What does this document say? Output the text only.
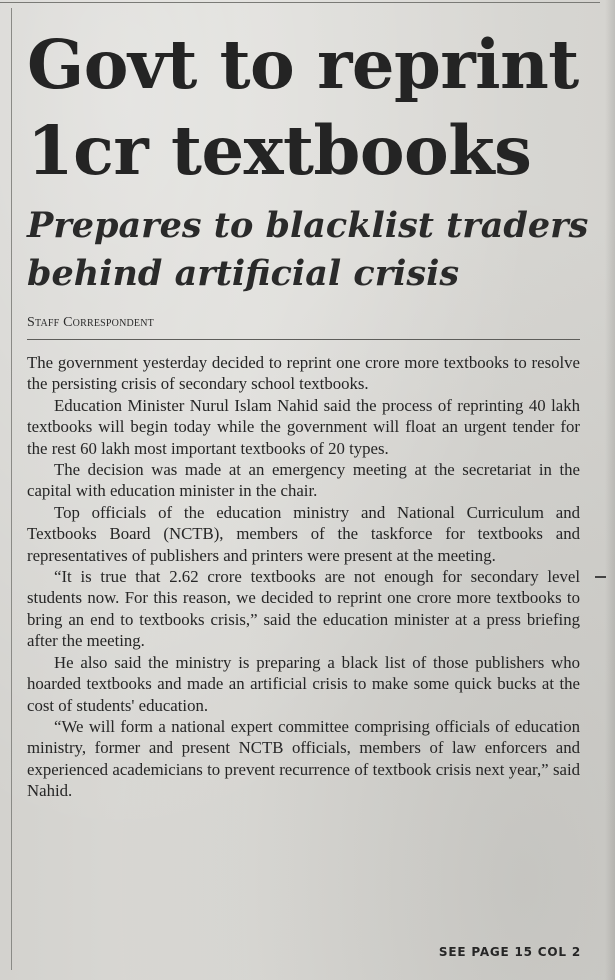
Govt to reprint
1cr textbooks
Prepares to blacklist traders
behind artificial crisis
Staff Correspondent

The government yesterday decided to reprint one crore more textbooks to resolve the persisting crisis of secondary school textbooks.

Education Minister Nurul Islam Nahid said the process of reprinting 40 lakh textbooks will begin today while the government will float an urgent tender for the rest 60 lakh most important textbooks of 20 types.

The decision was made at an emergency meeting at the secretariat in the capital with education minister in the chair.

Top officials of the education ministry and National Curriculum and Textbooks Board (NCTB), members of the taskforce for textbooks and representatives of publishers and printers were present at the meeting.

“It is true that 2.62 crore textbooks are not enough for secondary level students now. For this reason, we decided to reprint one crore more textbooks to bring an end to textbooks crisis,” said the education minister at a press briefing after the meeting.

He also said the ministry is preparing a black list of those publishers who hoarded textbooks and made an artificial crisis to make some quick bucks at the cost of students' education.

“We will form a national expert committee comprising officials of education ministry, former and present NCTB officials, members of law enforcers and experienced academicians to prevent recurrence of textbook crisis next year,” said Nahid.

SEE PAGE 15 COL 2
